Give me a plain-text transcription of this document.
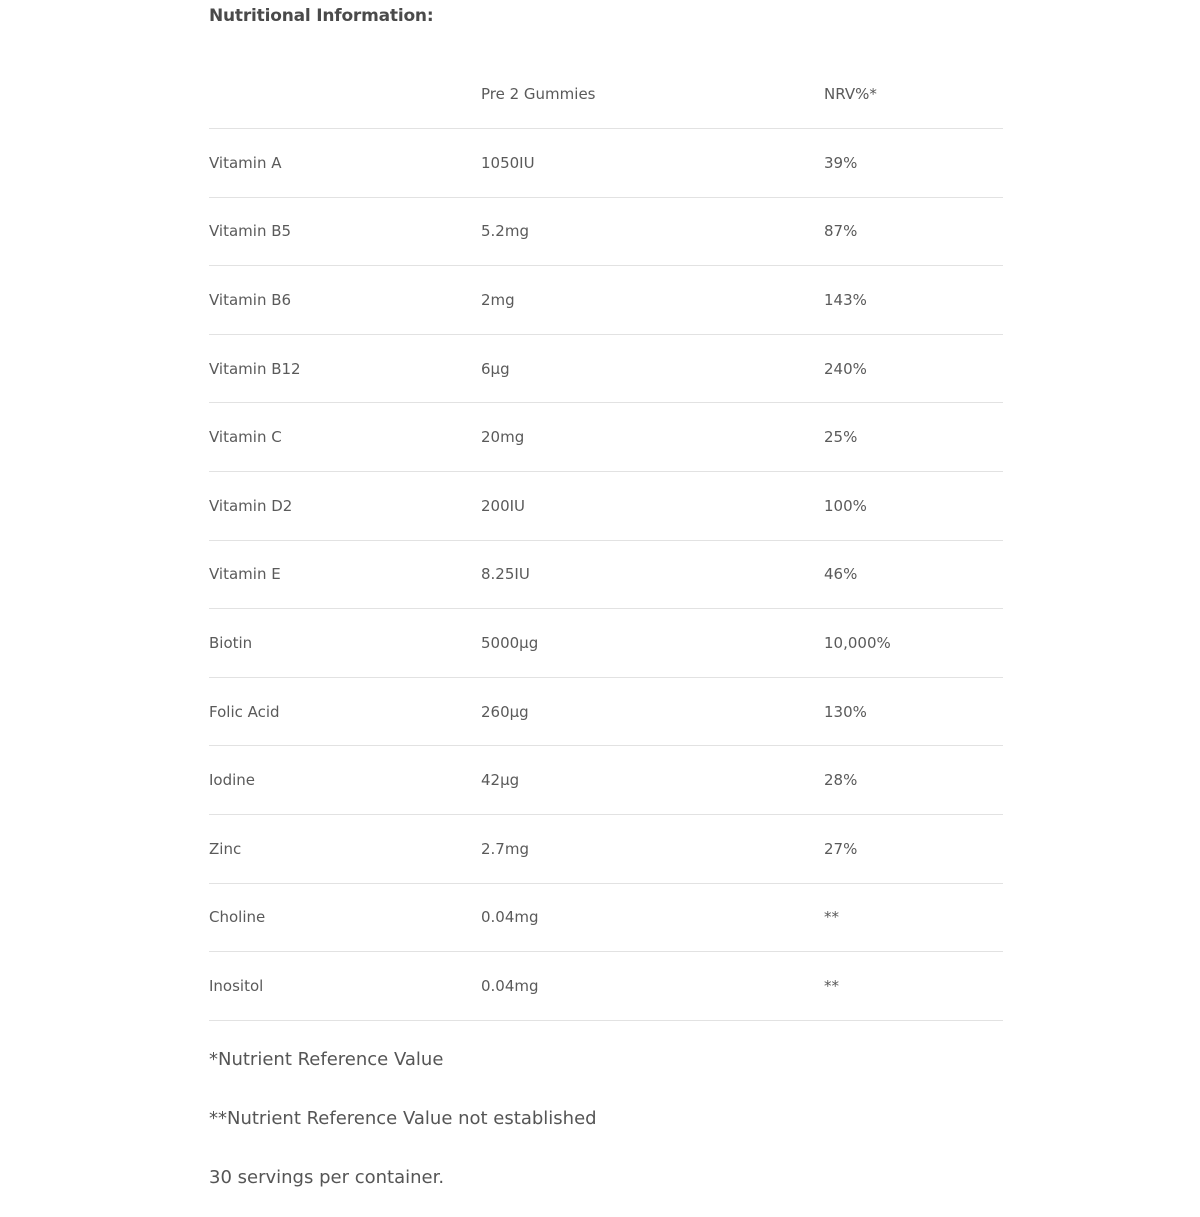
Nutritional Information:
	Pre 2 Gummies	NRV%*
Vitamin A	1050IU	39%
Vitamin B5	5.2mg	87%
Vitamin B6	2mg	143%
Vitamin B12	6µg	240%
Vitamin C	20mg	25%
Vitamin D2	200IU	100%
Vitamin E	8.25IU	46%
Biotin	5000µg	10,000%
Folic Acid	260µg	130%
Iodine	42µg	28%
Zinc	2.7mg	27%
Choline	0.04mg	**
Inositol	0.04mg	**
*Nutrient Reference Value
**Nutrient Reference Value not established
30 servings per container.
